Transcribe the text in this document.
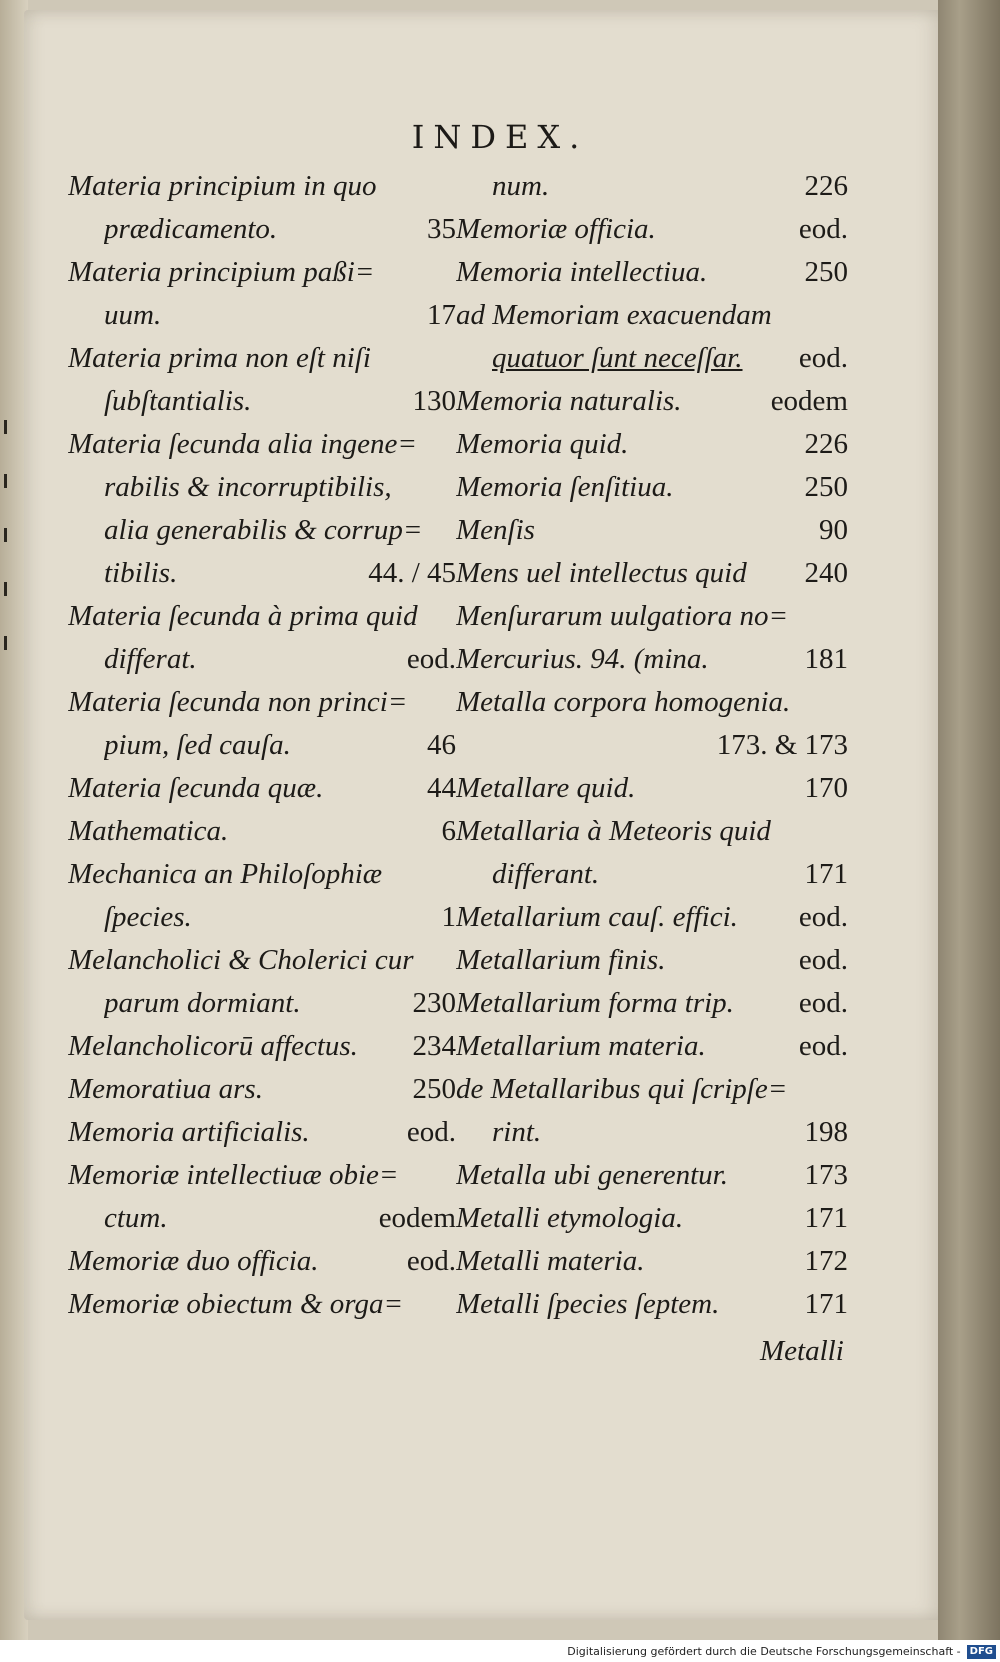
INDEX.
Materia principium in quo
prædicamento.	35
Materia principium paßi=
uum.	17
Materia prima non eſt niſi
ſubſtantialis.	130
Materia ſecunda alia ingene=
rabilis & incorruptibilis,
alia generabilis & corrup=
tibilis.	44. / 45
Materia ſecunda à prima quid
differat.	eod.
Materia ſecunda non princi=
pium, ſed cauſa.	46
Materia ſecunda quæ.	44
Mathematica.	6
Mechanica an Philoſophiæ
ſpecies.	1
Melancholici & Cholerici cur
parum dormiant.	230
Melancholicorū affectus. 234
Memoratiua ars.	250
Memoria artificialis.	eod.
Memoriæ intellectiuæ obie=
ctum.	eodem
Memoriæ duo officia.	eod.
Memoriæ obiectum & orga=
num.	226
Memoriæ officia.	eod.
Memoria intellectiua.	250
ad Memoriam exacuendam
quatuor ſunt neceſſar. eod.
Memoria naturalis.	eodem
Memoria quid.	226
Memoria ſenſitiua.	250
Menſis	90
Mens uel intellectus quid 240
Menſurarum uulgatiora no=
Mercurius. 94. (mina.	181
Metalla corpora homogenia.
173. & 173
Metallare quid.	170
Metallaria à Meteoris quid
differant.	171
Metallarium cauſ. effici. eod.
Metallarium finis.	eod.
Metallarium forma trip. eod.
Metallarium materia.	eod.
de Metallaribus qui ſcripſe=
rint.	198
Metalla ubi generentur.	173
Metalli etymologia.	171
Metalli materia.	172
Metalli ſpecies ſeptem.	171
Metalli
Digitalisierung gefördert durch die Deutsche Forschungsgemeinschaft - DFG
